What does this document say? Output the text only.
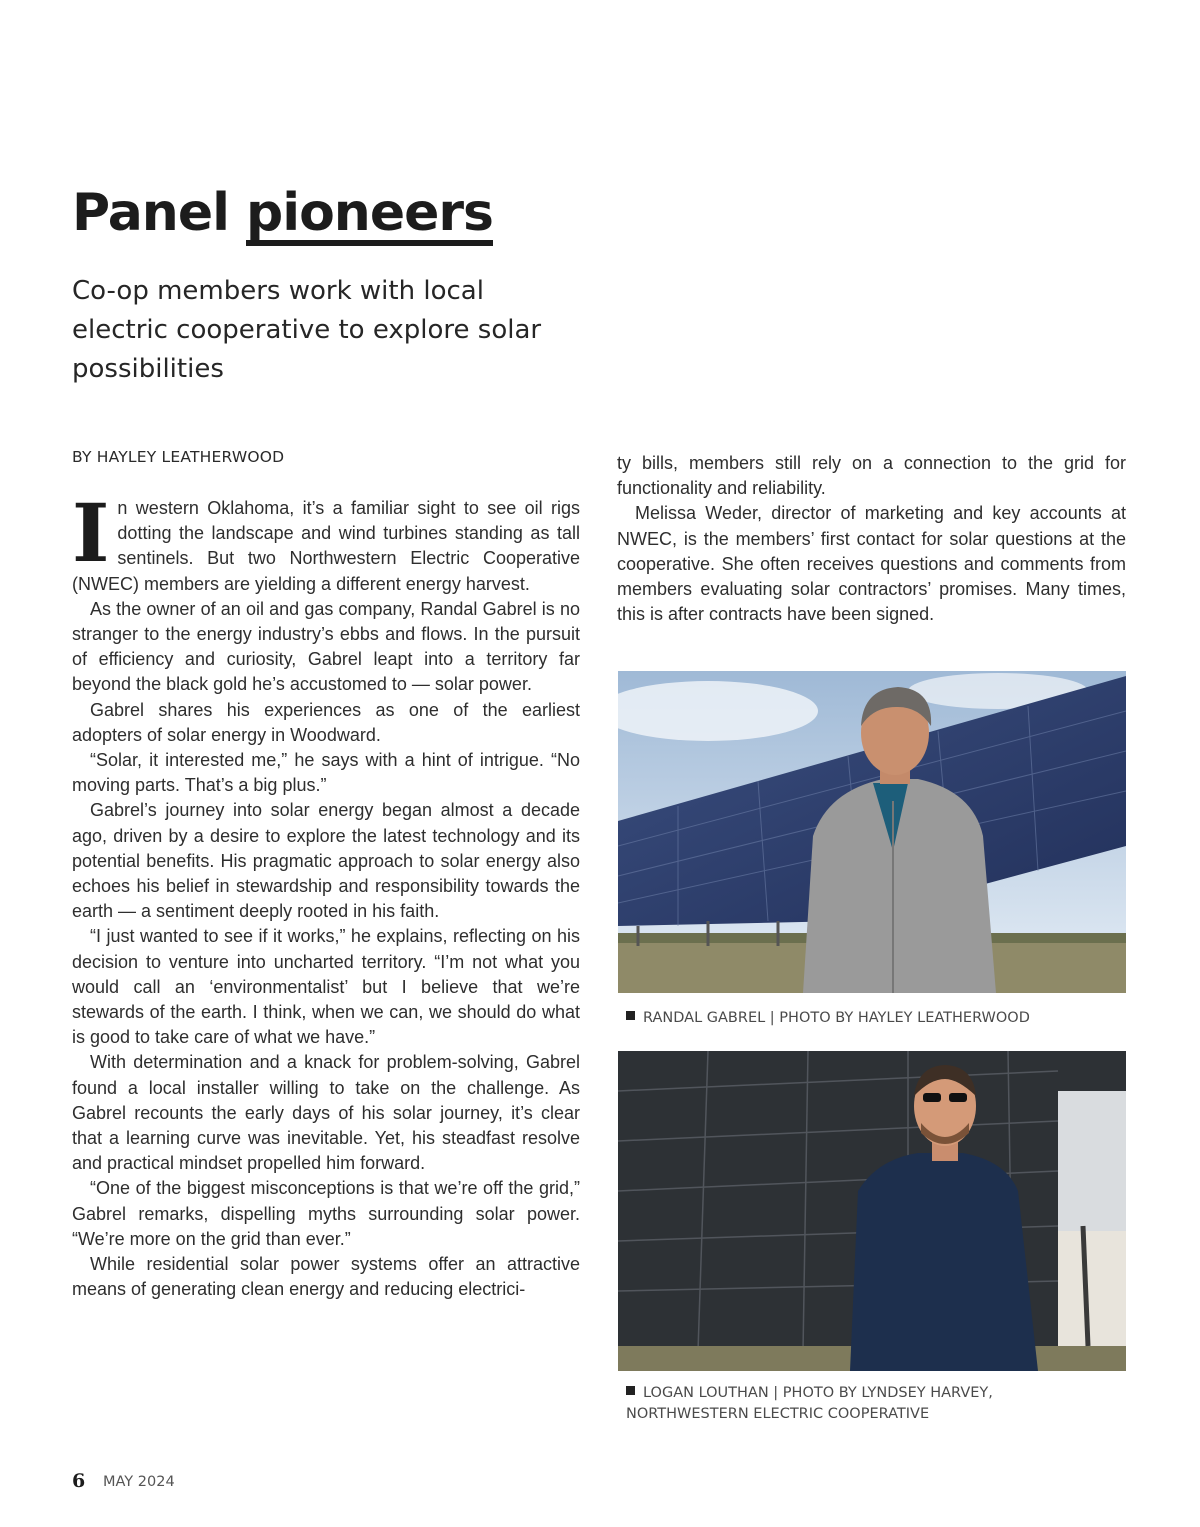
Panel pioneers
Co-op members work with local electric cooperative to explore solar possibilities
BY HAYLEY LEATHERWOOD

In western Oklahoma, it’s a familiar sight to see oil rigs dotting the landscape and wind turbines standing as tall sentinels. But two Northwestern Electric Cooperative (NWEC) members are yielding a different energy harvest.

As the owner of an oil and gas company, Randal Gabrel is no stranger to the energy industry’s ebbs and flows. In the pursuit of efficiency and curiosity, Gabrel leapt into a territory far beyond the black gold he’s accustomed to — solar power.

Gabrel shares his experiences as one of the earliest adopters of solar energy in Woodward.

“Solar, it interested me,” he says with a hint of intrigue. “No moving parts. That’s a big plus.”

Gabrel’s journey into solar energy began almost a decade ago, driven by a desire to explore the latest technology and its potential benefits. His pragmatic approach to solar energy also echoes his belief in stewardship and responsibility towards the earth — a sentiment deeply rooted in his faith.

“I just wanted to see if it works,” he explains, reflecting on his decision to venture into uncharted territory. “I’m not what you would call an ‘environmentalist’ but I believe that we’re stewards of the earth. I think, when we can, we should do what is good to take care of what we have.”

With determination and a knack for problem-solving, Gabrel found a local installer willing to take on the challenge. As Gabrel recounts the early days of his solar journey, it’s clear that a learning curve was inevitable. Yet, his steadfast resolve and practical mindset propelled him forward.

“One of the biggest misconceptions is that we’re off the grid,” Gabrel remarks, dispelling myths surrounding solar power. “We’re more on the grid than ever.”

While residential solar power systems offer an attractive means of generating clean energy and reducing electrici-

ty bills, members still rely on a connection to the grid for functionality and reliability.

Melissa Weder, director of marketing and key accounts at NWEC, is the members’ first contact for solar questions at the cooperative. She often receives questions and comments from members evaluating solar contractors’ promises. Many times, this is after contracts have been signed.

RANDAL GABREL | PHOTO BY HAYLEY LEATHERWOOD
LOGAN LOUTHAN | PHOTO BY LYNDSEY HARVEY,
NORTHWESTERN ELECTRIC COOPERATIVE
6 MAY 2024
